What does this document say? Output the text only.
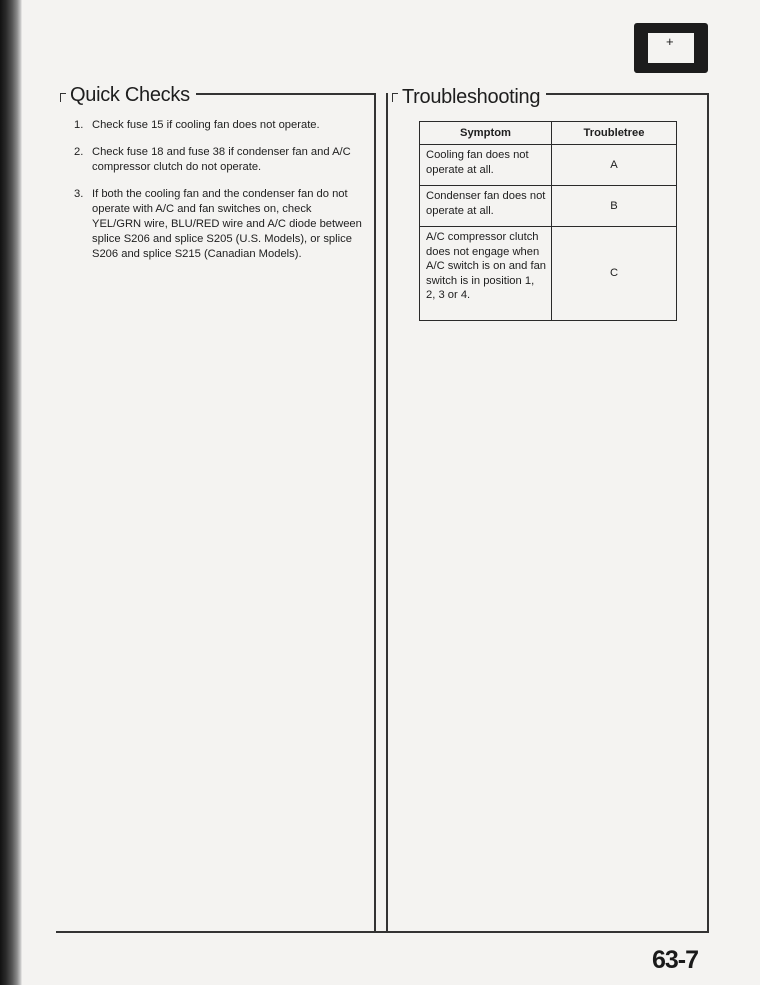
+ −
Quick Checks
1. Check fuse 15 if cooling fan does not operate.
2. Check fuse 18 and fuse 38 if condenser fan and A/C compressor clutch do not operate.
3. If both the cooling fan and the condenser fan do not operate with A/C and fan switches on, check YEL/GRN wire, BLU/RED wire and A/C diode between splice S206 and splice S205 (U.S. Models), or splice S206 and splice S215 (Canadian Models).
Troubleshooting
Symptom	Troubletree
Cooling fan does not operate at all.	A
Condenser fan does not operate at all.	B
A/C compressor clutch does not engage when A/C switch is on and fan switch is in position 1, 2, 3 or 4.	C
63-7
